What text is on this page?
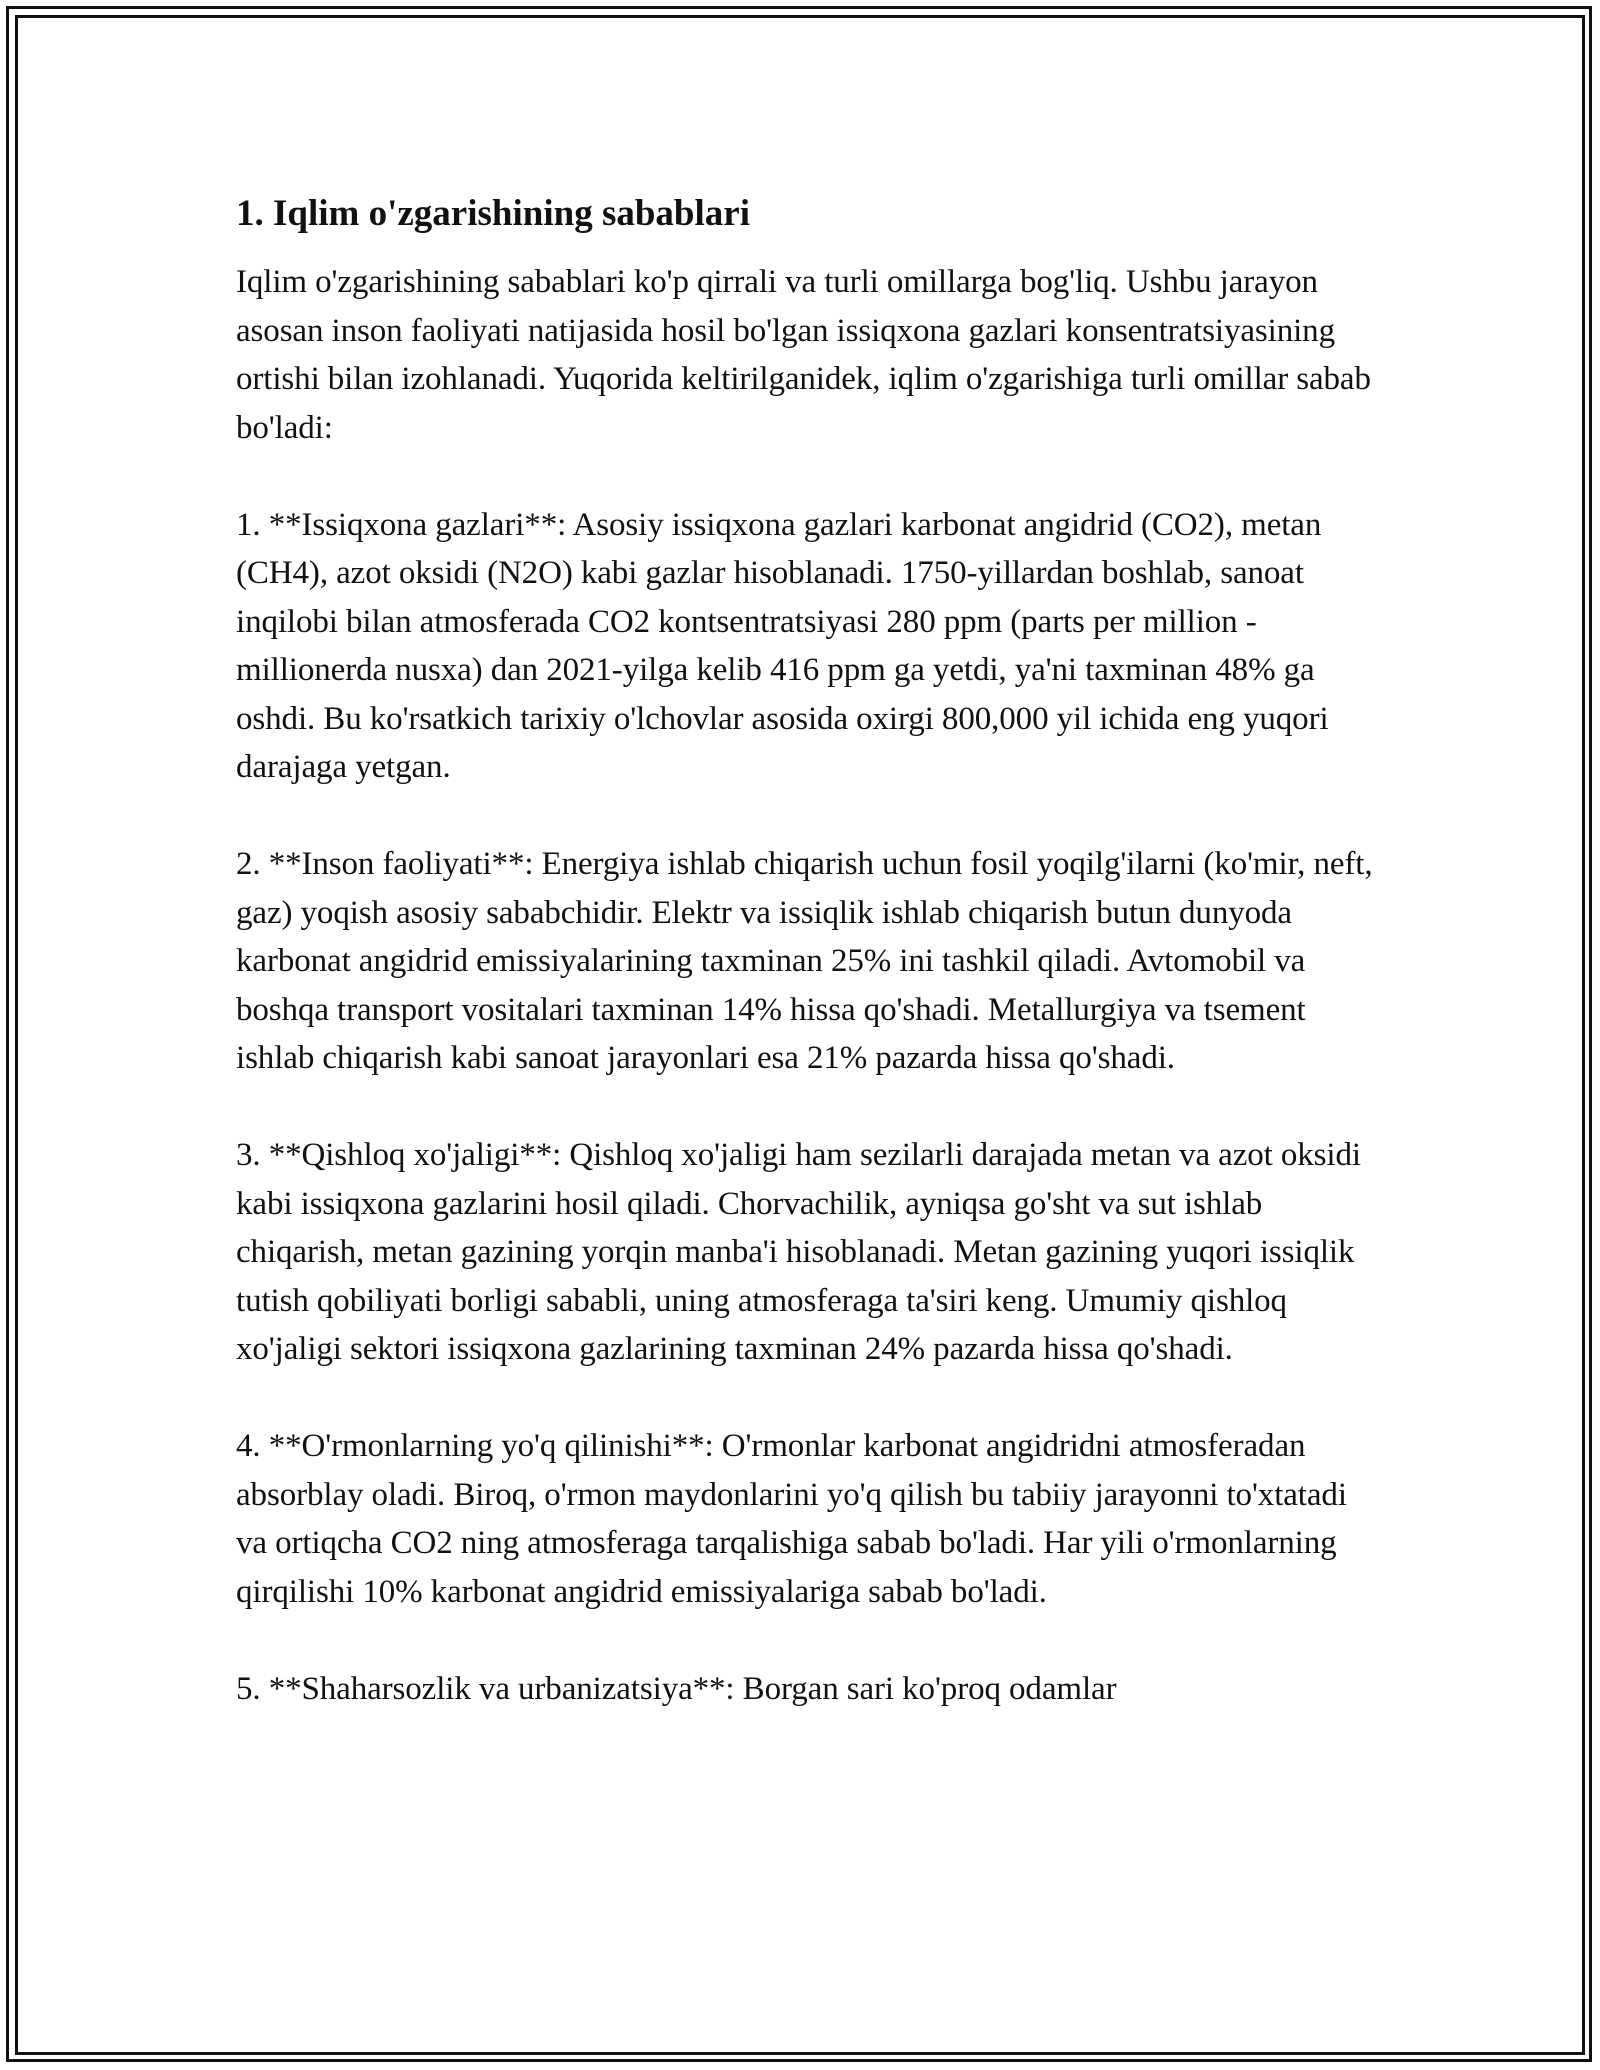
1. Iqlim o'zgarishining sabablari

Iqlim o'zgarishining sabablari ko'p qirrali va turli omillarga bog'liq. Ushbu jarayon asosan inson faoliyati natijasida hosil bo'lgan issiqxona gazlari konsentratsiyasining ortishi bilan izohlanadi. Yuqorida keltirilganidek, iqlim o'zgarishiga turli omillar sabab bo'ladi:

1. **Issiqxona gazlari**: Asosiy issiqxona gazlari karbonat angidrid (CO2), metan (CH4), azot oksidi (N2O) kabi gazlar hisoblanadi. 1750-yillardan boshlab, sanoat inqilobi bilan atmosferada CO2 kontsentratsiyasi 280 ppm (parts per million - millionerda nusxa) dan 2021-yilga kelib 416 ppm ga yetdi, ya'ni taxminan 48% ga oshdi. Bu ko'rsatkich tarixiy o'lchovlar asosida oxirgi 800,000 yil ichida eng yuqori darajaga yetgan.

2. **Inson faoliyati**: Energiya ishlab chiqarish uchun fosil yoqilg'ilarni (ko'mir, neft, gaz) yoqish asosiy sababchidir. Elektr va issiqlik ishlab chiqarish butun dunyoda karbonat angidrid emissiyalarining taxminan 25% ini tashkil qiladi. Avtomobil va boshqa transport vositalari taxminan 14% hissa qo'shadi. Metallurgiya va tsement ishlab chiqarish kabi sanoat jarayonlari esa 21% pazarda hissa qo'shadi.

3. **Qishloq xo'jaligi**: Qishloq xo'jaligi ham sezilarli darajada metan va azot oksidi kabi issiqxona gazlarini hosil qiladi. Chorvachilik, ayniqsa go'sht va sut ishlab chiqarish, metan gazining yorqin manba'i hisoblanadi. Metan gazining yuqori issiqlik tutish qobiliyati borligi sababli, uning atmosferaga ta'siri keng. Umumiy qishloq xo'jaligi sektori issiqxona gazlarining taxminan 24% pazarda hissa qo'shadi.

4. **O'rmonlarning yo'q qilinishi**: O'rmonlar karbonat angidridni atmosferadan absorblay oladi. Biroq, o'rmon maydonlarini yo'q qilish bu tabiiy jarayonni to'xtatadi va ortiqcha CO2 ning atmosferaga tarqalishiga sabab bo'ladi. Har yili o'rmonlarning qirqilishi 10% karbonat angidrid emissiyalariga sabab bo'ladi.

5. **Shaharsozlik va urbanizatsiya**: Borgan sari ko'proq odamlar
